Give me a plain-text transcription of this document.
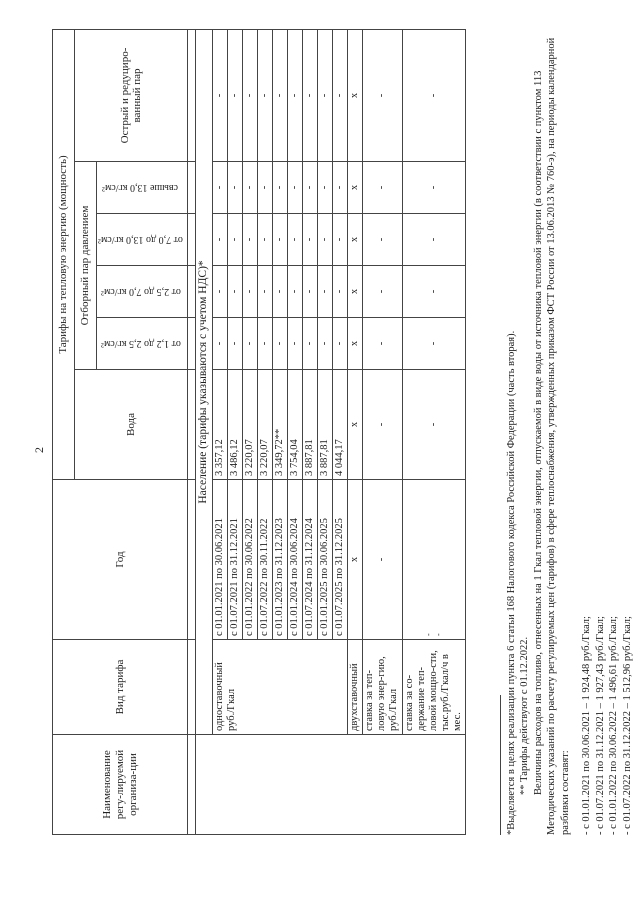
2
Наименование регу-лируемой организа-ции	Вид тарифа	Год	Тарифы на тепловую энергию (мощность)					
			Вода	Отборный пар давлением				Острый и редуциро-ванный пар
				от 1,2 до 2,5 кг/см²	от 2,5 до 7,0 кг/см²	от 7,0 до 13,0 кг/см²	свыше 13,0 кг/см²	

	Население (тарифы указываются с учетом НДС)*							
	одноставочный руб./Гкал	с 01.01.2021 по 30.06.2021	3 357,12	-	-	-	-	-
		с 01.07.2021 по 31.12.2021	3 486,12	-	-	-	-	-
		с 01.01.2022 по 30.06.2022	3 220,07	-	-	-	-	-
		с 01.07.2022 по 30.11.2022	3 220,07	-	-	-	-	-
		с 01.01.2023 по 31.12.2023	3 349,72**	-	-	-	-	-
		с 01.01.2024 по 30.06.2024	3 754,04	-	-	-	-	-
		с 01.07.2024 по 31.12.2024	3 887,81	-	-	-	-	-
		с 01.01.2025 по 30.06.2025	3 887,81	-	-	-	-	-
		с 01.07.2025 по 31.12.2025	4 044,17	-	-	-	-	-
	двухставочный	х	х	х	х	х	х	х
	ставка за теп-ловую энер-гию, руб./Гкал	-	-	-	-	-	-	-
	ставка за со-держание теп-ловой мощно-сти, тыс.руб./Гкал/ч в мес.	- -	-	-	-	-	-	-

*Выделяется в целях реализации пункта 6 статьи 168 Налогового кодекса Российской Федерации (часть вторая). ** Тарифы действуют с 01.12.2022. Величины расходов на топливо, отнесенных на 1 Гкал тепловой энергии, отпускаемой в виде воды от источника тепловой энергии (в соответствии с пунктом 113 Методических указаний по расчету регулируемых цен (тарифов) в сфере теплоснабжения, утвержденных приказом ФСТ России от 13.06.2013 № 760-э), на периоды календарной разбивки составят: - с 01.01.2021 по 30.06.2021 – 1 924,48 руб./Гкал; - с 01.07.2021 по 31.12.2021 – 1 927,43 руб./Гкал; - с 01.01.2022 по 30.06.2022 – 1 496,61 руб./Гкал; - с 01.07.2022 по 31.12.2022 – 1 512,96 руб./Гкал;
